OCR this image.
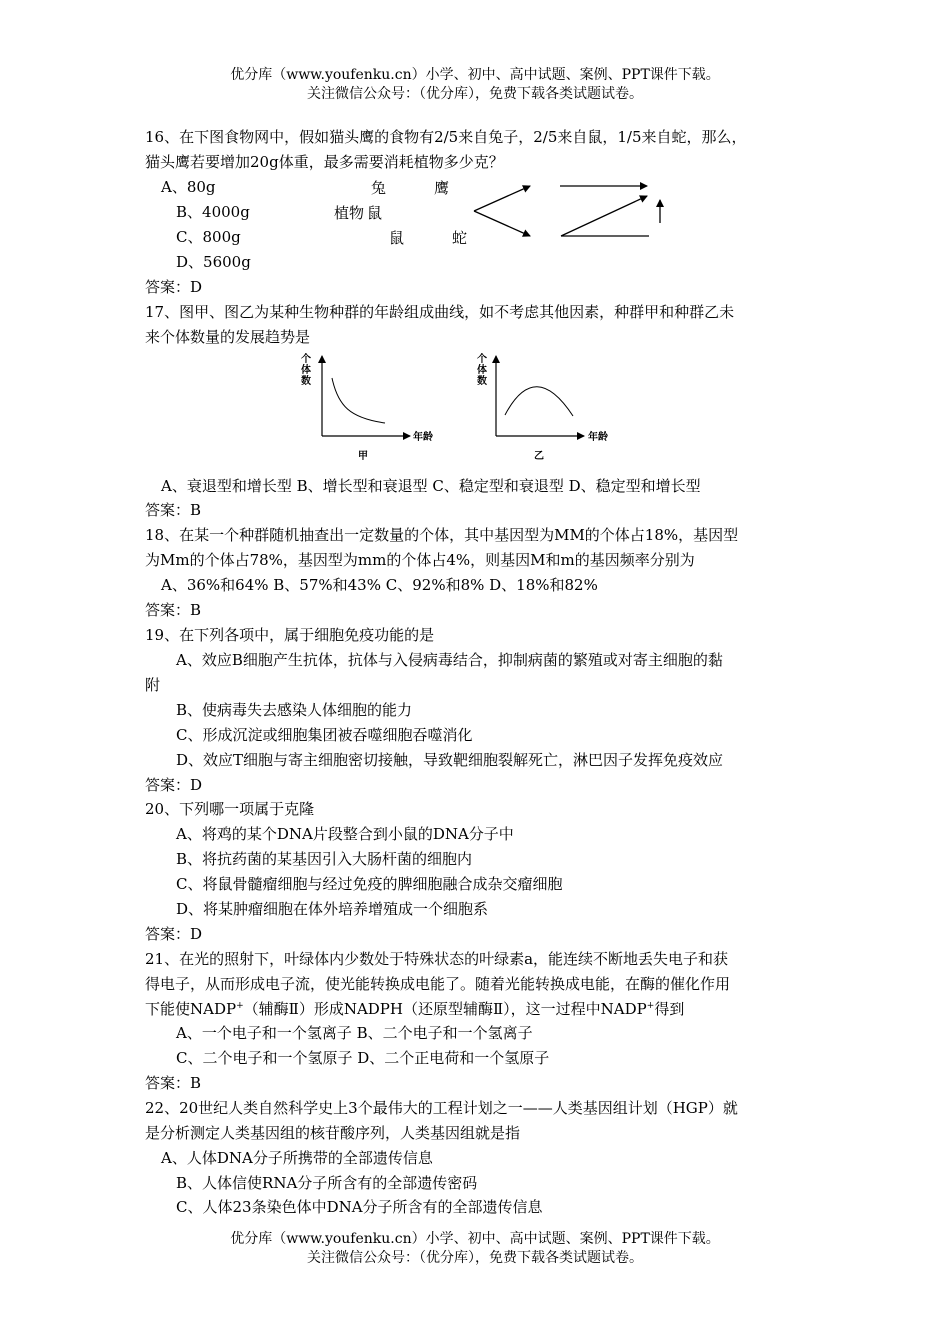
优分库（www.youfenku.cn）小学、初中、高中试题、案例、PPT课件下载。
关注微信公众号：（优分库），免费下载各类试题试卷。
16、在下图食物网中，假如猫头鹰的食物有2/5来自兔子，2/5来自鼠，1/5来自蛇，那么，
猫头鹰若要增加20g体重，最多需要消耗植物多少克？
A、80g
B、4000g
C、800g
D、5600g
兔	鹰
植物 鼠
鼠	蛇
答案：D
17、图甲、图乙为某种生物种群的年龄组成曲线，如不考虑其他因素，种群甲和种群乙未
来个体数量的发展趋势是
个
体
数
年龄
甲
个
体
数
年龄
乙
A、衰退型和增长型 B、增长型和衰退型 C、稳定型和衰退型 D、稳定型和增长型
答案：B
18、在某一个种群随机抽查出一定数量的个体，其中基因型为MM的个体占18%，基因型
为Mm的个体占78%，基因型为mm的个体占4%，则基因M和m的基因频率分别为
A、36%和64% B、57%和43% C、92%和8% D、18%和82%
答案：B
19、在下列各项中，属于细胞免疫功能的是
A、效应B细胞产生抗体，抗体与入侵病毒结合，抑制病菌的繁殖或对寄主细胞的黏
附
B、使病毒失去感染人体细胞的能力
C、形成沉淀或细胞集团被吞噬细胞吞噬消化
D、效应T细胞与寄主细胞密切接触，导致靶细胞裂解死亡，淋巴因子发挥免疫效应
答案：D
20、下列哪一项属于克隆
A、将鸡的某个DNA片段整合到小鼠的DNA分子中
B、将抗药菌的某基因引入大肠杆菌的细胞内
C、将鼠骨髓瘤细胞与经过免疫的脾细胞融合成杂交瘤细胞
D、将某肿瘤细胞在体外培养增殖成一个细胞系
答案：D
21、在光的照射下，叶绿体内少数处于特殊状态的叶绿素a，能连续不断地丢失电子和获
得电子，从而形成电子流，使光能转换成电能了。随着光能转换成电能，在酶的催化作用
下能使NADP+（辅酶Ⅱ）形成NADPH（还原型辅酶Ⅱ），这一过程中NADP+得到
A、一个电子和一个氢离子 B、二个电子和一个氢离子
C、二个电子和一个氢原子 D、二个正电荷和一个氢原子
答案：B
22、20世纪人类自然科学史上3个最伟大的工程计划之一——人类基因组计划（HGP）就
是分析测定人类基因组的核苷酸序列，人类基因组就是指
A、人体DNA分子所携带的全部遗传信息
B、人体信使RNA分子所含有的全部遗传密码
C、人体23条染色体中DNA分子所含有的全部遗传信息
优分库（www.youfenku.cn）小学、初中、高中试题、案例、PPT课件下载。
关注微信公众号：（优分库），免费下载各类试题试卷。
